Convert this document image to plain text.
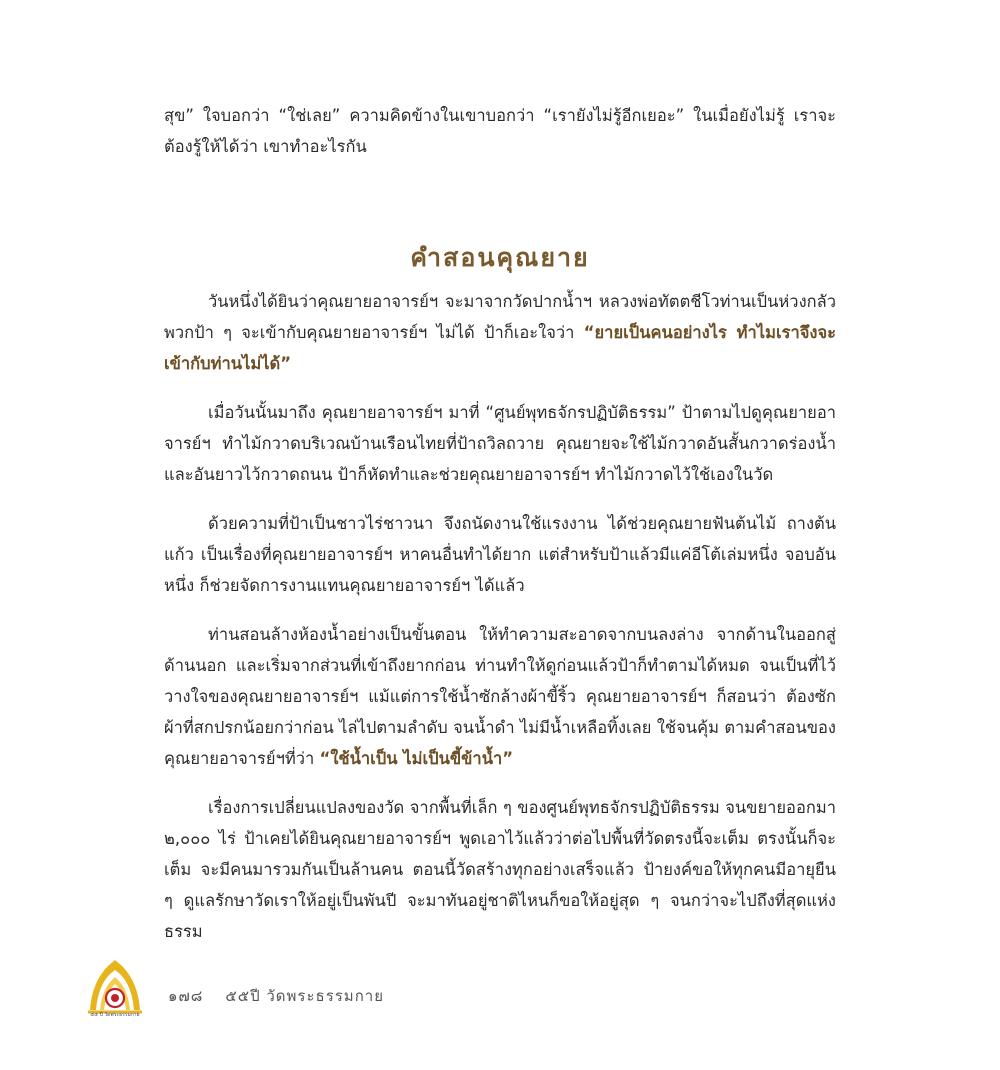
สุข” ใจบอกว่า “ใช่เลย” ความคิดข้างในเขาบอกว่า “เรายังไม่รู้อีกเยอะ” ในเมื่อยังไม่รู้ เราจะต้องรู้ให้ได้ว่า เขาทำอะไรกัน

คำสอนคุณยาย

วันหนึ่งได้ยินว่าคุณยายอาจารย์ฯ จะมาจากวัดปากน้ำฯ หลวงพ่อทัตตชีโวท่านเป็นห่วงกลัวพวกป้า ๆ จะเข้ากับคุณยายอาจารย์ฯ ไม่ได้ ป้าก็เอะใจว่า “ยายเป็นคนอย่างไร ทำไมเราจึงจะเข้ากับท่านไม่ได้”

เมื่อวันนั้นมาถึง คุณยายอาจารย์ฯ มาที่ “ศูนย์พุทธจักรปฏิบัติธรรม” ป้าตามไปดูคุณยายอาจารย์ฯ ทำไม้กวาดบริเวณบ้านเรือนไทยที่ป้าถวิลถวาย คุณยายจะใช้ไม้กวาดอันสั้นกวาดร่องน้ำ และอันยาวไว้กวาดถนน ป้าก็หัดทำและช่วยคุณยายอาจารย์ฯ ทำไม้กวาดไว้ใช้เองในวัด

ด้วยความที่ป้าเป็นชาวไร่ชาวนา จึงถนัดงานใช้แรงงาน ได้ช่วยคุณยายฟันต้นไม้ ถางต้นแก้ว เป็นเรื่องที่คุณยายอาจารย์ฯ หาคนอื่นทำได้ยาก แต่สำหรับป้าแล้วมีแค่อีโต้เล่มหนึ่ง จอบอันหนึ่ง ก็ช่วยจัดการงานแทนคุณยายอาจารย์ฯ ได้แล้ว

ท่านสอนล้างห้องน้ำอย่างเป็นขั้นตอน ให้ทำความสะอาดจากบนลงล่าง จากด้านในออกสู่ด้านนอก และเริ่มจากส่วนที่เข้าถึงยากก่อน ท่านทำให้ดูก่อนแล้วป้าก็ทำตามได้หมด จนเป็นที่ไว้วางใจของคุณยายอาจารย์ฯ แม้แต่การใช้น้ำซักล้างผ้าขี้ริ้ว คุณยายอาจารย์ฯ ก็สอนว่า ต้องซักผ้าที่สกปรกน้อยกว่าก่อน ไล่ไปตามลำดับ จนน้ำดำ ไม่มีน้ำเหลือทิ้งเลย ใช้จนคุ้ม ตามคำสอนของคุณยายอาจารย์ฯที่ว่า “ใช้น้ำเป็น ไม่เป็นขี้ข้าน้ำ”

เรื่องการเปลี่ยนแปลงของวัด จากพื้นที่เล็ก ๆ ของศูนย์พุทธจักรปฏิบัติธรรม จนขยายออกมา ๒,๐๐๐ ไร่ ป้าเคยได้ยินคุณยายอาจารย์ฯ พูดเอาไว้แล้วว่าต่อไปพื้นที่วัดตรงนี้จะเต็ม ตรงนั้นก็จะเต็ม จะมีคนมารวมกันเป็นล้านคน ตอนนี้วัดสร้างทุกอย่างเสร็จแล้ว ป้ายงค์ขอให้ทุกคนมีอายุยืน ๆ ดูแลรักษาวัดเราให้อยู่เป็นพันปี จะมาทันอยู่ชาติไหนก็ขอให้อยู่สุด ๆ จนกว่าจะไปถึงที่สุดแห่งธรรม

๕๕ ปี วัดพระธรรมกาย
๑๗๘ ๕๕ปี วัดพระธรรมกาย
